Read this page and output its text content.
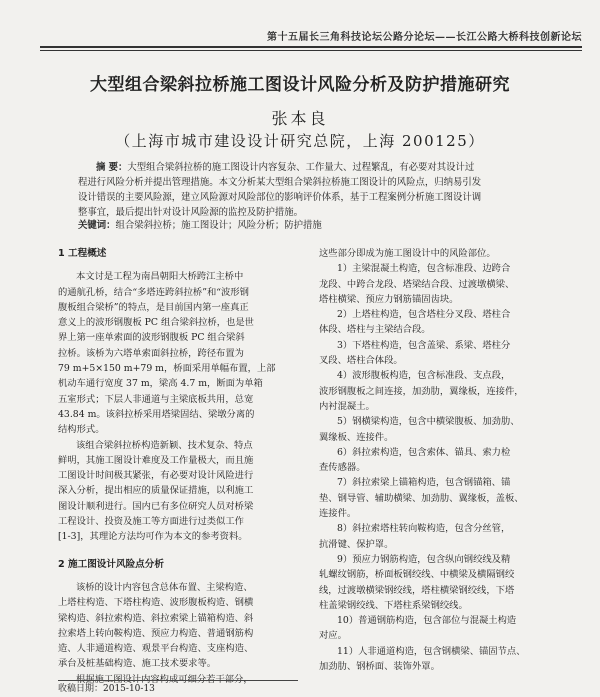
第十五届长三角科技论坛公路分论坛——长江公路大桥科技创新论坛
大型组合梁斜拉桥施工图设计风险分析及防护措施研究
张本良
（上海市城市建设设计研究总院，上海 200125）
摘 要：大型组合梁斜拉桥的施工图设计内容复杂、工作量大、过程繁乱，有必要对其设计过
程进行风险分析并提出管理措施。本文分析某大型组合梁斜拉桥施工图设计的风险点，归纳易引发
设计错误的主要风险源，建立风险源对风险部位的影响评价体系，基于工程案例分析施工图设计调
整事宜，最后提出针对设计风险源的监控及防护措施。
关键词：组合梁斜拉桥；施工图设计；风险分析；防护措施
1 工程概述
本文讨是工程为南昌朝阳大桥跨江主桥中
的通航孔桥，结合“多塔连跨斜拉桥”和“波形钢
腹板组合梁桥”的特点，是目前国内第一座真正
意义上的波形钢腹板 PC 组合梁斜拉桥，也是世
界上第一座单索面的波形钢腹板 PC 组合梁斜
拉桥。该桥为六塔单索面斜拉桥，跨径布置为
79 m+5×150 m+79 m，桥面采用单幅布置，上部
机动车通行宽度 37 m，梁高 4.7 m，断面为单箱
五室形式；下层人非通道与主梁底板共用，总宽
43.84 m。该斜拉桥采用塔梁固结、梁墩分离的
结构形式。
该组合梁斜拉桥构造新颖、技术复杂、特点
鲜明，其施工图设计难度及工作量极大，而且施
工图设计时间极其紧张，有必要对设计风险进行
深入分析，提出相应的质量保证措施，以利施工
图设计顺利进行。国内已有多位研究人员对桥梁
工程设计、投资及施工等方面进行过类似工作
[1-3]，其理论方法均可作为本文的参考资料。
2 施工图设计风险点分析
该桥的设计内容包含总体布置、主梁构造、
上塔柱构造、下塔柱构造、波形腹板构造、钢横
梁构造、斜拉索构造、斜拉索梁上锚箱构造、斜
拉索塔上转向鞍构造、预应力构造、普通钢筋构
造、人非通道构造、观景平台构造、支座构造、
承台及桩基础构造、施工技术要求等。
根据施工图设计内容构成可细分若干部分，
这些部分即成为施工图设计中的风险部位。
1）主梁混凝土构造，包含标准段、边跨合
龙段、中跨合龙段、塔梁结合段、过渡墩横梁、
塔柱横梁、预应力钢筋锚固齿块。
2）上塔柱构造，包含塔柱分叉段、塔柱合
体段、塔柱与主梁结合段。
3）下塔柱构造，包含盖梁、系梁、塔柱分
叉段、塔柱合体段。
4）波形腹板构造，包含标准段、支点段，
波形钢腹板之间连接，加劲肋，翼缘板，连接件，
内衬混凝土。
5）钢横梁构造，包含中横梁腹板、加劲肋、
翼缘板、连接件。
6）斜拉索构造，包含索体、锚具、索力检
查传感器。
7）斜拉索梁上锚箱构造，包含钢锚箱、锚
垫、钢导管、辅助横梁、加劲肋、翼缘板，盖板、
连接件。
8）斜拉索塔柱转向鞍构造，包含分丝管，
抗滑键、保护罩。
9）预应力钢筋构造，包含纵向钢绞线及精
轧螺纹钢筋，桥面板钢绞线、中横梁及横隔钢绞
线，过渡墩横梁钢绞线，塔柱横梁钢绞线，下塔
柱盖梁钢绞线、下塔柱系梁钢绞线。
10）普通钢筋构造，包含部位与混凝土构造
对应。
11）人非通道构造，包含钢横梁、锚固节点、
加劲肋、钢桥面、装饰外罩。
收稿日期：2015-10-13
